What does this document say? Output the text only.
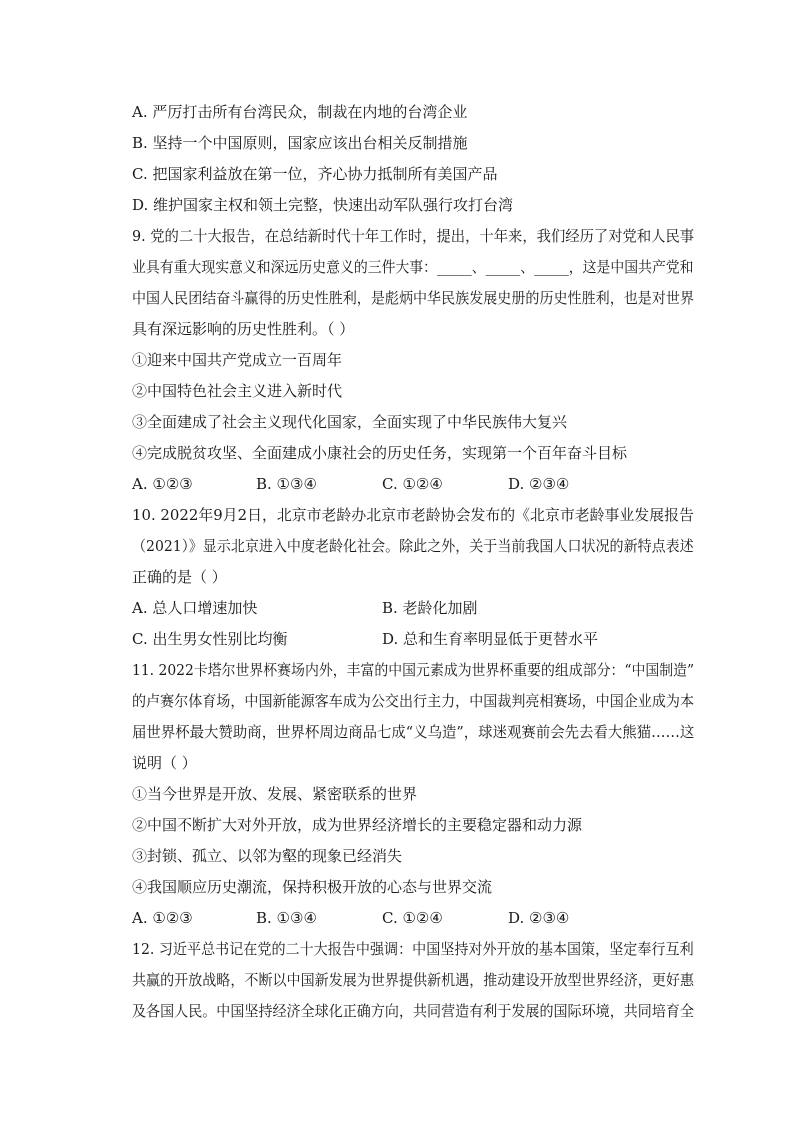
A. 严厉打击所有台湾民众，制裁在内地的台湾企业
B. 坚持一个中国原则，国家应该出台相关反制措施
C. 把国家利益放在第一位，齐心协力抵制所有美国产品
D. 维护国家主权和领土完整，快速出动军队强行攻打台湾
9. 党的二十大报告，在总结新时代十年工作时，提出，十年来，我们经历了对党和人民事
业具有重大现实意义和深远历史意义的三件大事：_____、_____、_____，这是中国共产党和
中国人民团结奋斗赢得的历史性胜利，是彪炳中华民族发展史册的历史性胜利，也是对世界
具有深远影响的历史性胜利。（ ）
①迎来中国共产党成立一百周年
②中国特色社会主义进入新时代
③全面建成了社会主义现代化国家，全面实现了中华民族伟大复兴
④完成脱贫攻坚、全面建成小康社会的历史任务，实现第一个百年奋斗目标
A. ①②③	B. ①③④	C. ①②④	D. ②③④
10. 2022年9月2日，北京市老龄办北京市老龄协会发布的《北京市老龄事业发展报告
（2021）》显示北京进入中度老龄化社会。除此之外，关于当前我国人口状况的新特点表述
正确的是（ ）
A. 总人口增速加快	B. 老龄化加剧
C. 出生男女性别比均衡	D. 总和生育率明显低于更替水平
11. 2022卡塔尔世界杯赛场内外，丰富的中国元素成为世界杯重要的组成部分：“中国制造”
的卢赛尔体育场，中国新能源客车成为公交出行主力，中国裁判亮相赛场，中国企业成为本
届世界杯最大赞助商，世界杯周边商品七成“义乌造”，球迷观赛前会先去看大熊猫……这
说明（ ）
①当今世界是开放、发展、紧密联系的世界
②中国不断扩大对外开放，成为世界经济增长的主要稳定器和动力源
③封锁、孤立、以邻为壑的现象已经消失
④我国顺应历史潮流，保持积极开放的心态与世界交流
A. ①②③	B. ①③④	C. ①②④	D. ②③④
12. 习近平总书记在党的二十大报告中强调：中国坚持对外开放的基本国策，坚定奉行互利
共赢的开放战略，不断以中国新发展为世界提供新机遇，推动建设开放型世界经济，更好惠
及各国人民。中国坚持经济全球化正确方向，共同营造有利于发展的国际环境，共同培育全
